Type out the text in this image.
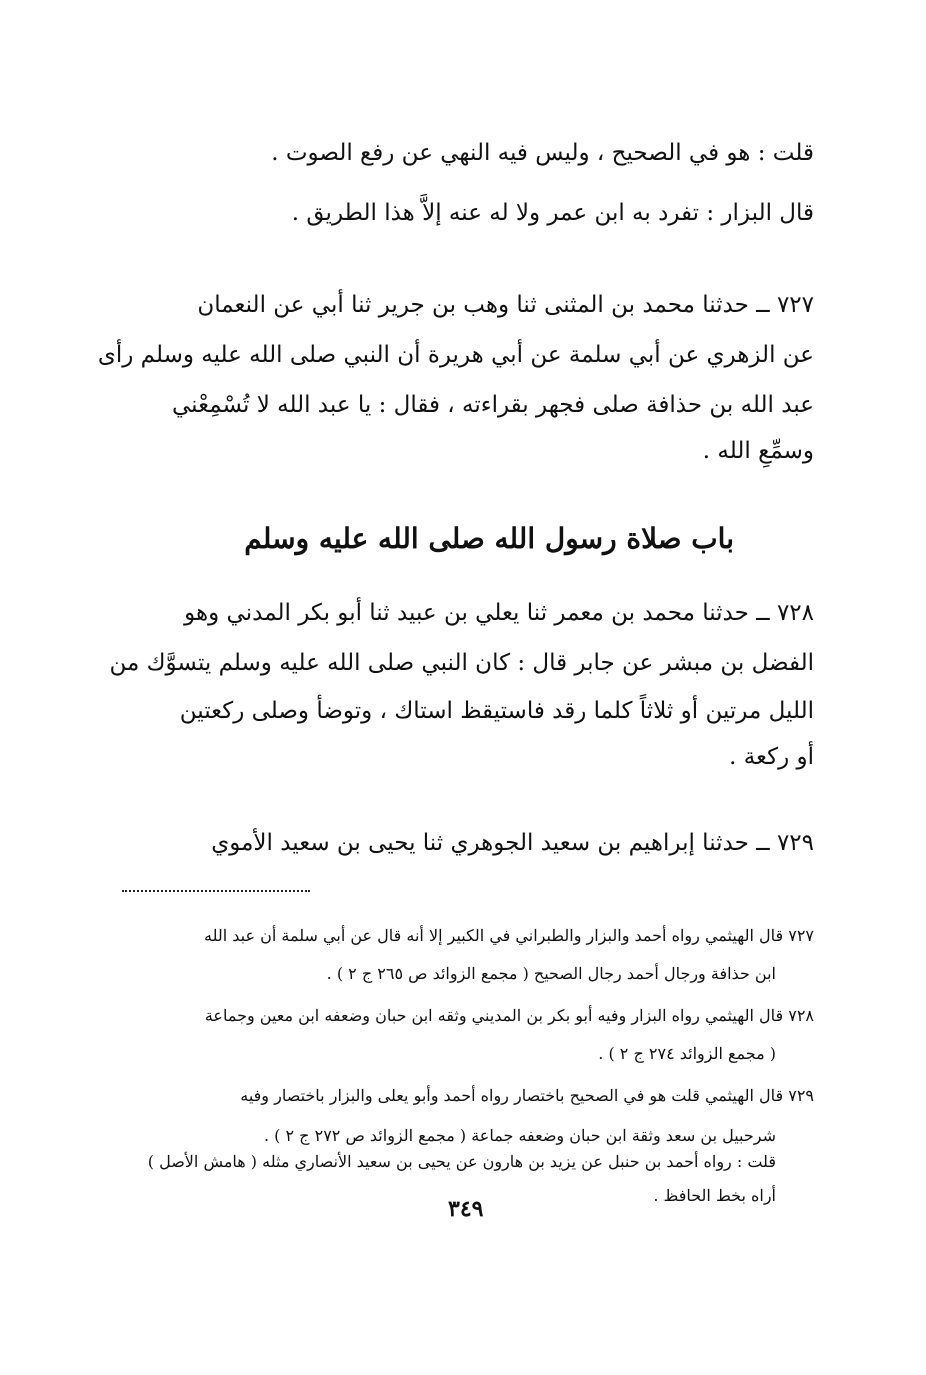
قلت : هو في الصحيح ، وليس فيه النهي عن رفع الصوت .
قال البزار : تفرد به ابن عمر ولا له عنه إلاَّ هذا الطريق .
٧٢٧ ــ حدثنا محمد بن المثنى ثنا وهب بن جرير ثنا أبي عن النعمان
عن الزهري عن أبي سلمة عن أبي هريرة أن النبي صلى الله عليه وسلم رأى
عبد الله بن حذافة صلى فجهر بقراءته ، فقال : يا عبد الله لا تُسْمِعْني
وسمِّعِ الله .
باب صلاة رسول الله صلى الله عليه وسلم
٧٢٨ ــ حدثنا محمد بن معمر ثنا يعلي بن عبيد ثنا أبو بكر المدني وهو
الفضل بن مبشر عن جابر قال : كان النبي صلى الله عليه وسلم يتسوَّك من
الليل مرتين أو ثلاثاً كلما رقد فاستيقظ استاك ، وتوضأ وصلى ركعتين
أو ركعة .
٧٢٩ ــ حدثنا إبراهيم بن سعيد الجوهري ثنا يحيى بن سعيد الأموي
٧٢٧ قال الهيثمي رواه أحمد والبزار والطبراني في الكبير إلا أنه قال عن أبي سلمة أن عبد الله
ابن حذافة ورجال أحمد رجال الصحيح ( مجمع الزوائد ص ٢٦٥ ج ٢ ) .
٧٢٨ قال الهيثمي رواه البزار وفيه أبو بكر بن المديني وثقه ابن حبان وضعفه ابن معين وجماعة
( مجمع الزوائد ٢٧٤ ج ٢ ) .
٧٢٩ قال الهيثمي قلت هو في الصحيح باختصار رواه أحمد وأبو يعلى والبزار باختصار وفيه
شرحبيل بن سعد وثقة ابن حبان وضعفه جماعة ( مجمع الزوائد ص ٢٧٢ ج ٢ ) .
قلت : رواه أحمد بن حنبل عن يزيد بن هارون عن يحيى بن سعيد الأنصاري مثله ( هامش الأصل )
أراه بخط الحافظ .
٣٤٩
